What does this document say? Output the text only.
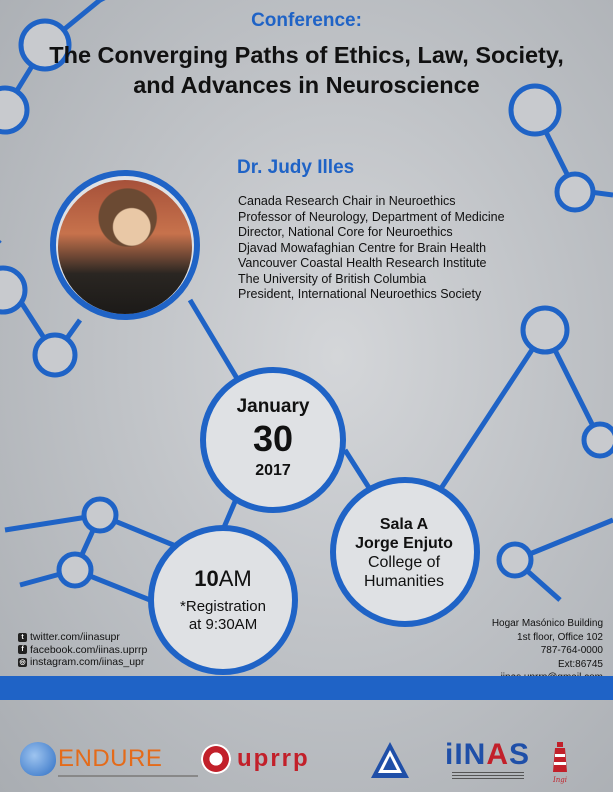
Conference:
The Converging Paths of Ethics, Law, Society,
and Advances in Neuroscience
Dr. Judy Illes
Canada Research Chair in Neuroethics
Professor of Neurology, Department of Medicine
Director, National Core for Neuroethics
Djavad Mowafaghian Centre for Brain Health
Vancouver Coastal Health Research Institute
The University of British Columbia
President, International Neuroethics Society
January
30
2017
Sala A
Jorge Enjuto
College of
Humanities
10AM
*Registration
at 9:30AM	Hogar Masónico Building
1st floor, Office 102
787-764-0000
Ext:86745
t twitter.com/iinasupr
f facebook.com/iinas.uprrp
◎ instagram.com/iinas_upr
ENDURE	uprrp	iINAS
Ingi
